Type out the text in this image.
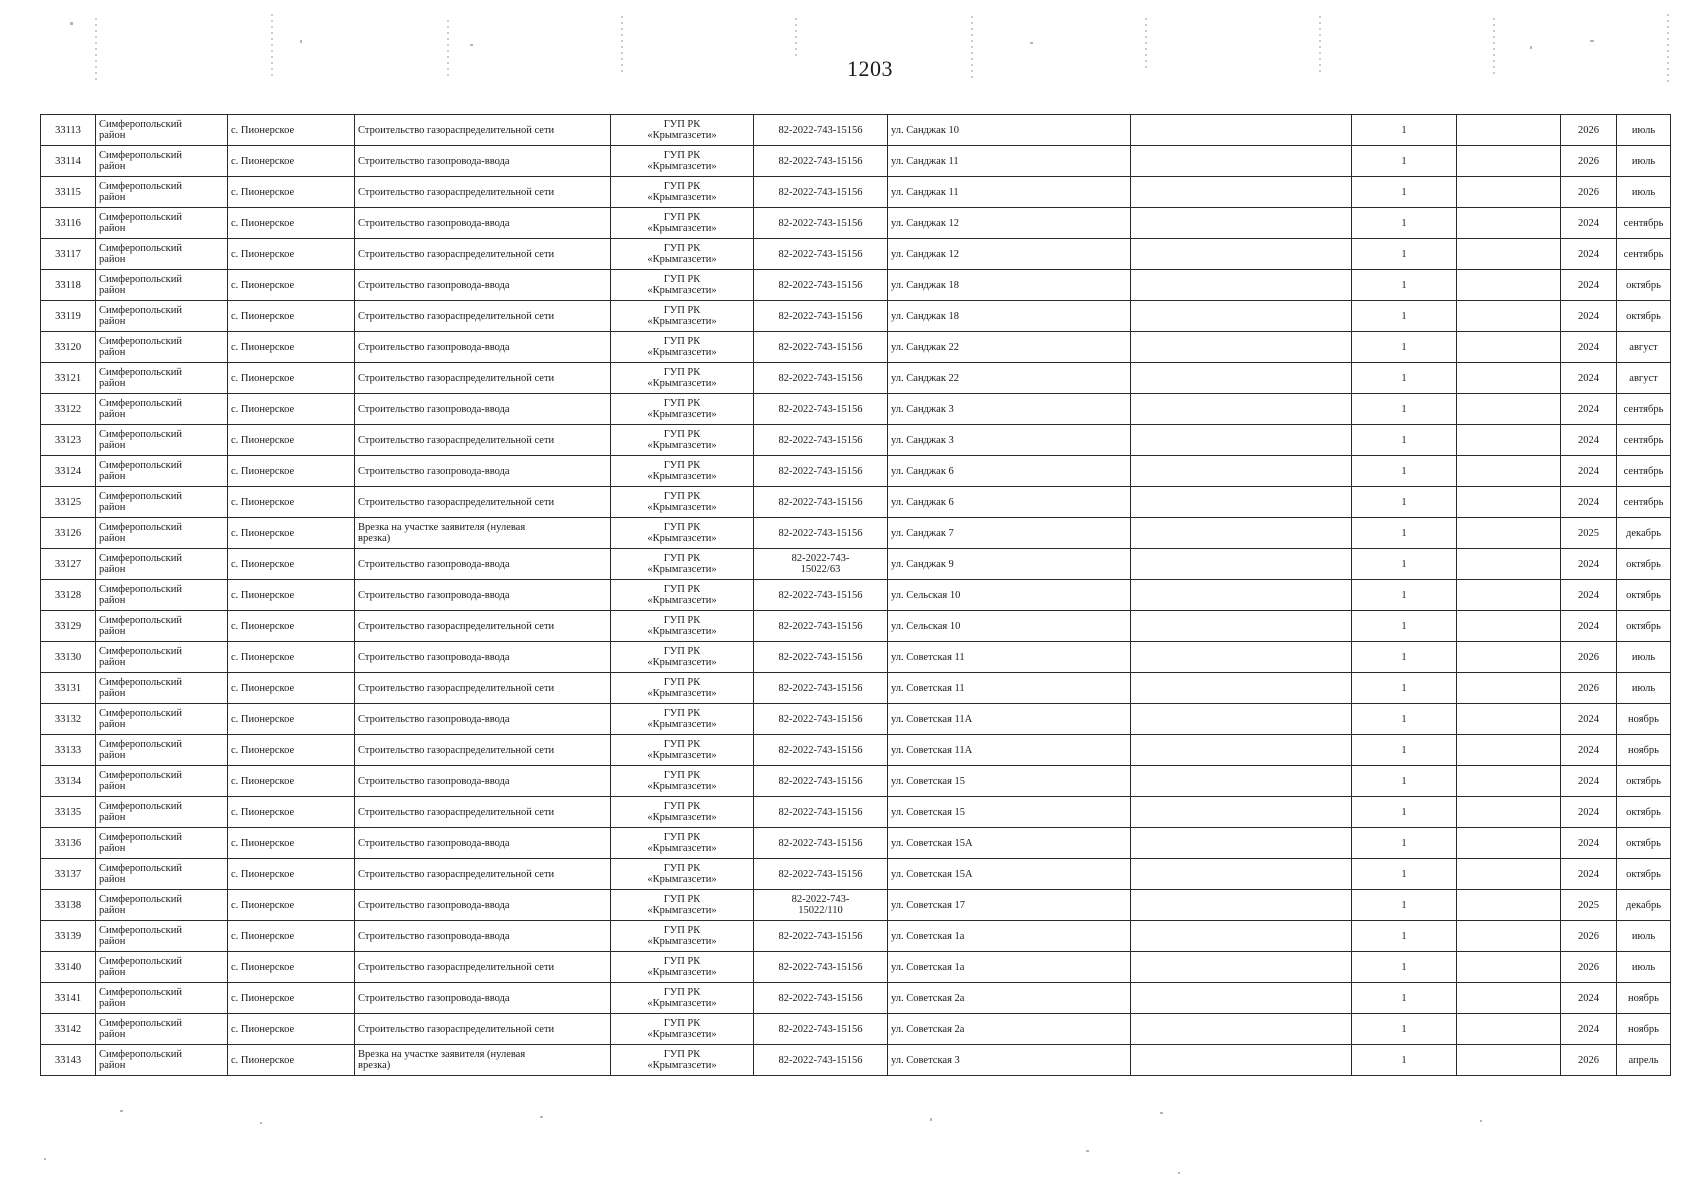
1203
33113	Симферопольский
район	с. Пионерское	Строительство газораспределительной сети	ГУП РК
«Крымгазсети»	82-2022-743-15156	ул. Санджак 10		1		2026	июль
33114	Симферопольский
район	с. Пионерское	Строительство газопровода-ввода	ГУП РК
«Крымгазсети»	82-2022-743-15156	ул. Санджак 11		1		2026	июль
33115	Симферопольский
район	с. Пионерское	Строительство газораспределительной сети	ГУП РК
«Крымгазсети»	82-2022-743-15156	ул. Санджак 11		1		2026	июль
33116	Симферопольский
район	с. Пионерское	Строительство газопровода-ввода	ГУП РК
«Крымгазсети»	82-2022-743-15156	ул. Санджак 12		1		2024	сентябрь
33117	Симферопольский
район	с. Пионерское	Строительство газораспределительной сети	ГУП РК
«Крымгазсети»	82-2022-743-15156	ул. Санджак 12		1		2024	сентябрь
33118	Симферопольский
район	с. Пионерское	Строительство газопровода-ввода	ГУП РК
«Крымгазсети»	82-2022-743-15156	ул. Санджак 18		1		2024	октябрь
33119	Симферопольский
район	с. Пионерское	Строительство газораспределительной сети	ГУП РК
«Крымгазсети»	82-2022-743-15156	ул. Санджак 18		1		2024	октябрь
33120	Симферопольский
район	с. Пионерское	Строительство газопровода-ввода	ГУП РК
«Крымгазсети»	82-2022-743-15156	ул. Санджак 22		1		2024	август
33121	Симферопольский
район	с. Пионерское	Строительство газораспределительной сети	ГУП РК
«Крымгазсети»	82-2022-743-15156	ул. Санджак 22		1		2024	август
33122	Симферопольский
район	с. Пионерское	Строительство газопровода-ввода	ГУП РК
«Крымгазсети»	82-2022-743-15156	ул. Санджак 3		1		2024	сентябрь
33123	Симферопольский
район	с. Пионерское	Строительство газораспределительной сети	ГУП РК
«Крымгазсети»	82-2022-743-15156	ул. Санджак 3		1		2024	сентябрь
33124	Симферопольский
район	с. Пионерское	Строительство газопровода-ввода	ГУП РК
«Крымгазсети»	82-2022-743-15156	ул. Санджак 6		1		2024	сентябрь
33125	Симферопольский
район	с. Пионерское	Строительство газораспределительной сети	ГУП РК
«Крымгазсети»	82-2022-743-15156	ул. Санджак 6		1		2024	сентябрь
33126	Симферопольский
район	с. Пионерское	Врезка на участке заявителя (нулевая
врезка)	ГУП РК
«Крымгазсети»	82-2022-743-15156	ул. Санджак 7		1		2025	декабрь
33127	Симферопольский
район	с. Пионерское	Строительство газопровода-ввода	ГУП РК
«Крымгазсети»	82-2022-743-
15022/63	ул. Санджак 9		1		2024	октябрь
33128	Симферопольский
район	с. Пионерское	Строительство газопровода-ввода	ГУП РК
«Крымгазсети»	82-2022-743-15156	ул. Сельская 10		1		2024	октябрь
33129	Симферопольский
район	с. Пионерское	Строительство газораспределительной сети	ГУП РК
«Крымгазсети»	82-2022-743-15156	ул. Сельская 10		1		2024	октябрь
33130	Симферопольский
район	с. Пионерское	Строительство газопровода-ввода	ГУП РК
«Крымгазсети»	82-2022-743-15156	ул. Советская 11		1		2026	июль
33131	Симферопольский
район	с. Пионерское	Строительство газораспределительной сети	ГУП РК
«Крымгазсети»	82-2022-743-15156	ул. Советская 11		1		2026	июль
33132	Симферопольский
район	с. Пионерское	Строительство газопровода-ввода	ГУП РК
«Крымгазсети»	82-2022-743-15156	ул. Советская 11А		1		2024	ноябрь
33133	Симферопольский
район	с. Пионерское	Строительство газораспределительной сети	ГУП РК
«Крымгазсети»	82-2022-743-15156	ул. Советская 11А		1		2024	ноябрь
33134	Симферопольский
район	с. Пионерское	Строительство газопровода-ввода	ГУП РК
«Крымгазсети»	82-2022-743-15156	ул. Советская 15		1		2024	октябрь
33135	Симферопольский
район	с. Пионерское	Строительство газораспределительной сети	ГУП РК
«Крымгазсети»	82-2022-743-15156	ул. Советская 15		1		2024	октябрь
33136	Симферопольский
район	с. Пионерское	Строительство газопровода-ввода	ГУП РК
«Крымгазсети»	82-2022-743-15156	ул. Советская 15А		1		2024	октябрь
33137	Симферопольский
район	с. Пионерское	Строительство газораспределительной сети	ГУП РК
«Крымгазсети»	82-2022-743-15156	ул. Советская 15А		1		2024	октябрь
33138	Симферопольский
район	с. Пионерское	Строительство газопровода-ввода	ГУП РК
«Крымгазсети»	82-2022-743-
15022/110	ул. Советская 17		1		2025	декабрь
33139	Симферопольский
район	с. Пионерское	Строительство газопровода-ввода	ГУП РК
«Крымгазсети»	82-2022-743-15156	ул. Советская 1а		1		2026	июль
33140	Симферопольский
район	с. Пионерское	Строительство газораспределительной сети	ГУП РК
«Крымгазсети»	82-2022-743-15156	ул. Советская 1а		1		2026	июль
33141	Симферопольский
район	с. Пионерское	Строительство газопровода-ввода	ГУП РК
«Крымгазсети»	82-2022-743-15156	ул. Советская 2а		1		2024	ноябрь
33142	Симферопольский
район	с. Пионерское	Строительство газораспределительной сети	ГУП РК
«Крымгазсети»	82-2022-743-15156	ул. Советская 2а		1		2024	ноябрь
33143	Симферопольский
район	с. Пионерское	Врезка на участке заявителя (нулевая
врезка)	ГУП РК
«Крымгазсети»	82-2022-743-15156	ул. Советская 3		1		2026	апрель
